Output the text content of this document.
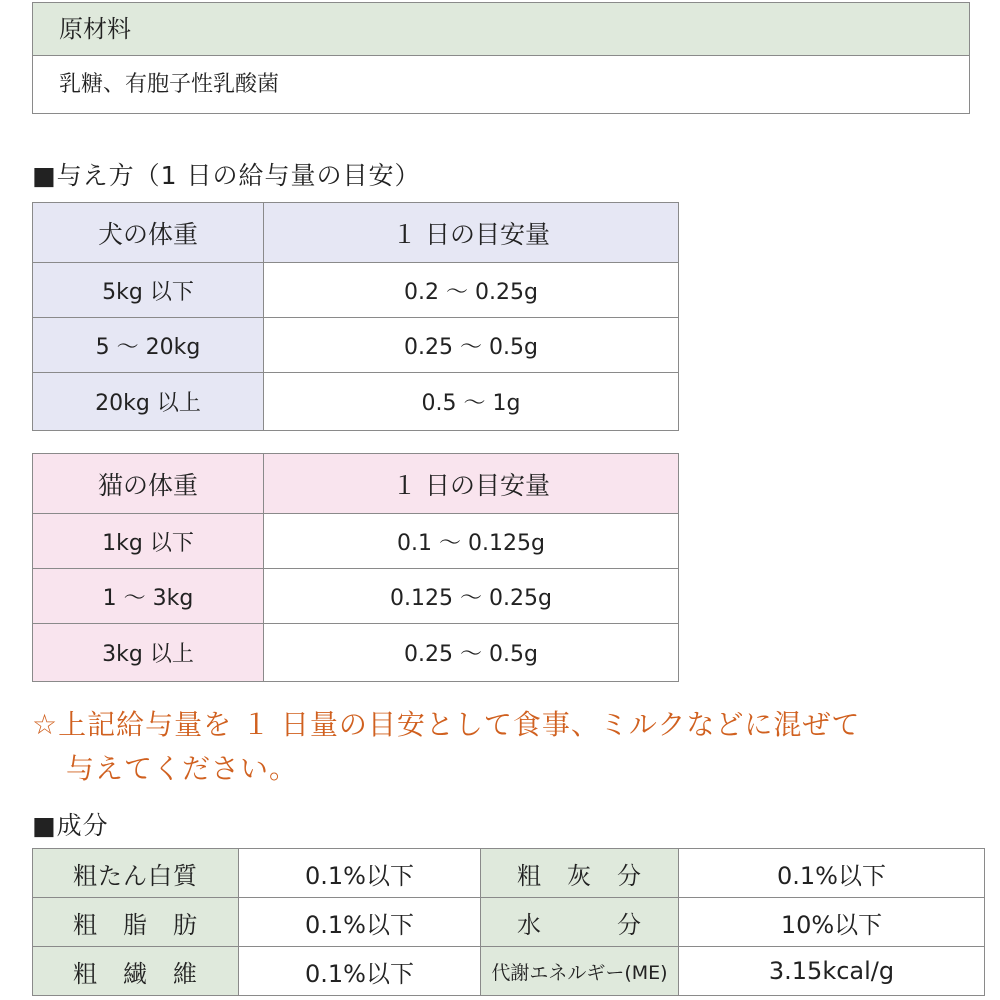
原材料
乳糖、有胞子性乳酸菌
■与え方（1 日の給与量の目安）
犬の体重	１ 日の目安量
5kg 以下	0.2 〜 0.25g
5 〜 20kg	0.25 〜 0.5g
20kg 以上	0.5 〜 1g
猫の体重	１ 日の目安量
1kg 以下	0.1 〜 0.125g
1 〜 3kg	0.125 〜 0.25g
3kg 以上	0.25 〜 0.5g
☆上記給与量を １ 日量の目安として食事、ミルクなどに混ぜて
与えてください。
■成分
粗たん白質	0.1%以下	粗　灰　分	0.1%以下
粗　脂　肪	0.1%以下	水　　　分	10%以下
粗　繊　維	0.1%以下	代謝エネルギー(ME)	3.15kcal/g
